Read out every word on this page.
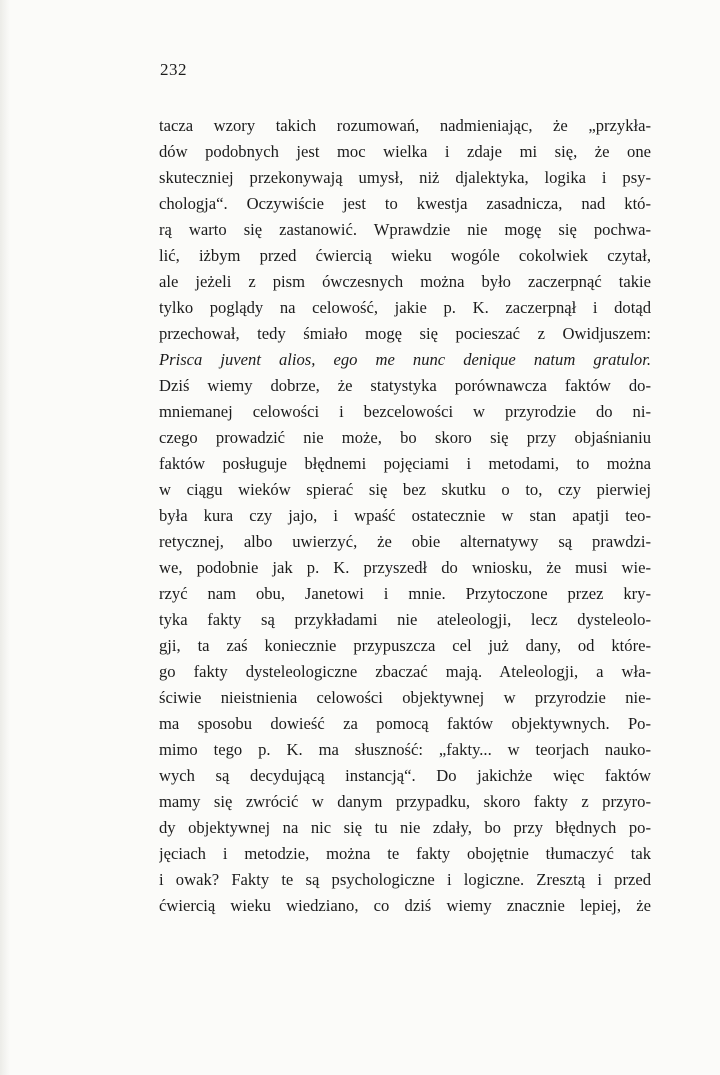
232
tacza wzory takich rozumowań, nadmieniając, że „przykła-
dów podobnych jest moc wielka i zdaje mi się, że one
skuteczniej przekonywają umysł, niż djalektyka, logika i psy-
chologja“. Oczywiście jest to kwestja zasadnicza, nad któ-
rą warto się zastanowić. Wprawdzie nie mogę się pochwa-
lić, iżbym przed ćwiercią wieku wogóle cokolwiek czytał,
ale jeżeli z pism ówczesnych można było zaczerpnąć takie
tylko poglądy na celowość, jakie p. K. zaczerpnął i dotąd
przechował, tedy śmiało mogę się pocieszać z Owidjuszem:
Prisca juvent alios, ego me nunc denique natum gratulor.
Dziś wiemy dobrze, że statystyka porównawcza faktów do-
mniemanej celowości i bezcelowości w przyrodzie do ni-
czego prowadzić nie może, bo skoro się przy objaśnianiu
faktów posługuje błędnemi pojęciami i metodami, to można
w ciągu wieków spierać się bez skutku o to, czy pierwiej
była kura czy jajo, i wpaść ostatecznie w stan apatji teo-
retycznej, albo uwierzyć, że obie alternatywy są prawdzi-
we, podobnie jak p. K. przyszedł do wniosku, że musi wie-
rzyć nam obu, Janetowi i mnie. Przytoczone przez kry-
tyka fakty są przykładami nie ateleologji, lecz dysteleolo-
gji, ta zaś koniecznie przypuszcza cel już dany, od które-
go fakty dysteleologiczne zbaczać mają. Ateleologji, a wła-
ściwie nieistnienia celowości objektywnej w przyrodzie nie-
ma sposobu dowieść za pomocą faktów objektywnych. Po-
mimo tego p. K. ma słuszność: „fakty... w teorjach nauko-
wych są decydującą instancją“. Do jakichże więc faktów
mamy się zwrócić w danym przypadku, skoro fakty z przyro-
dy objektywnej na nic się tu nie zdały, bo przy błędnych po-
jęciach i metodzie, można te fakty obojętnie tłumaczyć tak
i owak? Fakty te są psychologiczne i logiczne. Zresztą i przed
ćwiercią wieku wiedziano, co dziś wiemy znacznie lepiej, że
